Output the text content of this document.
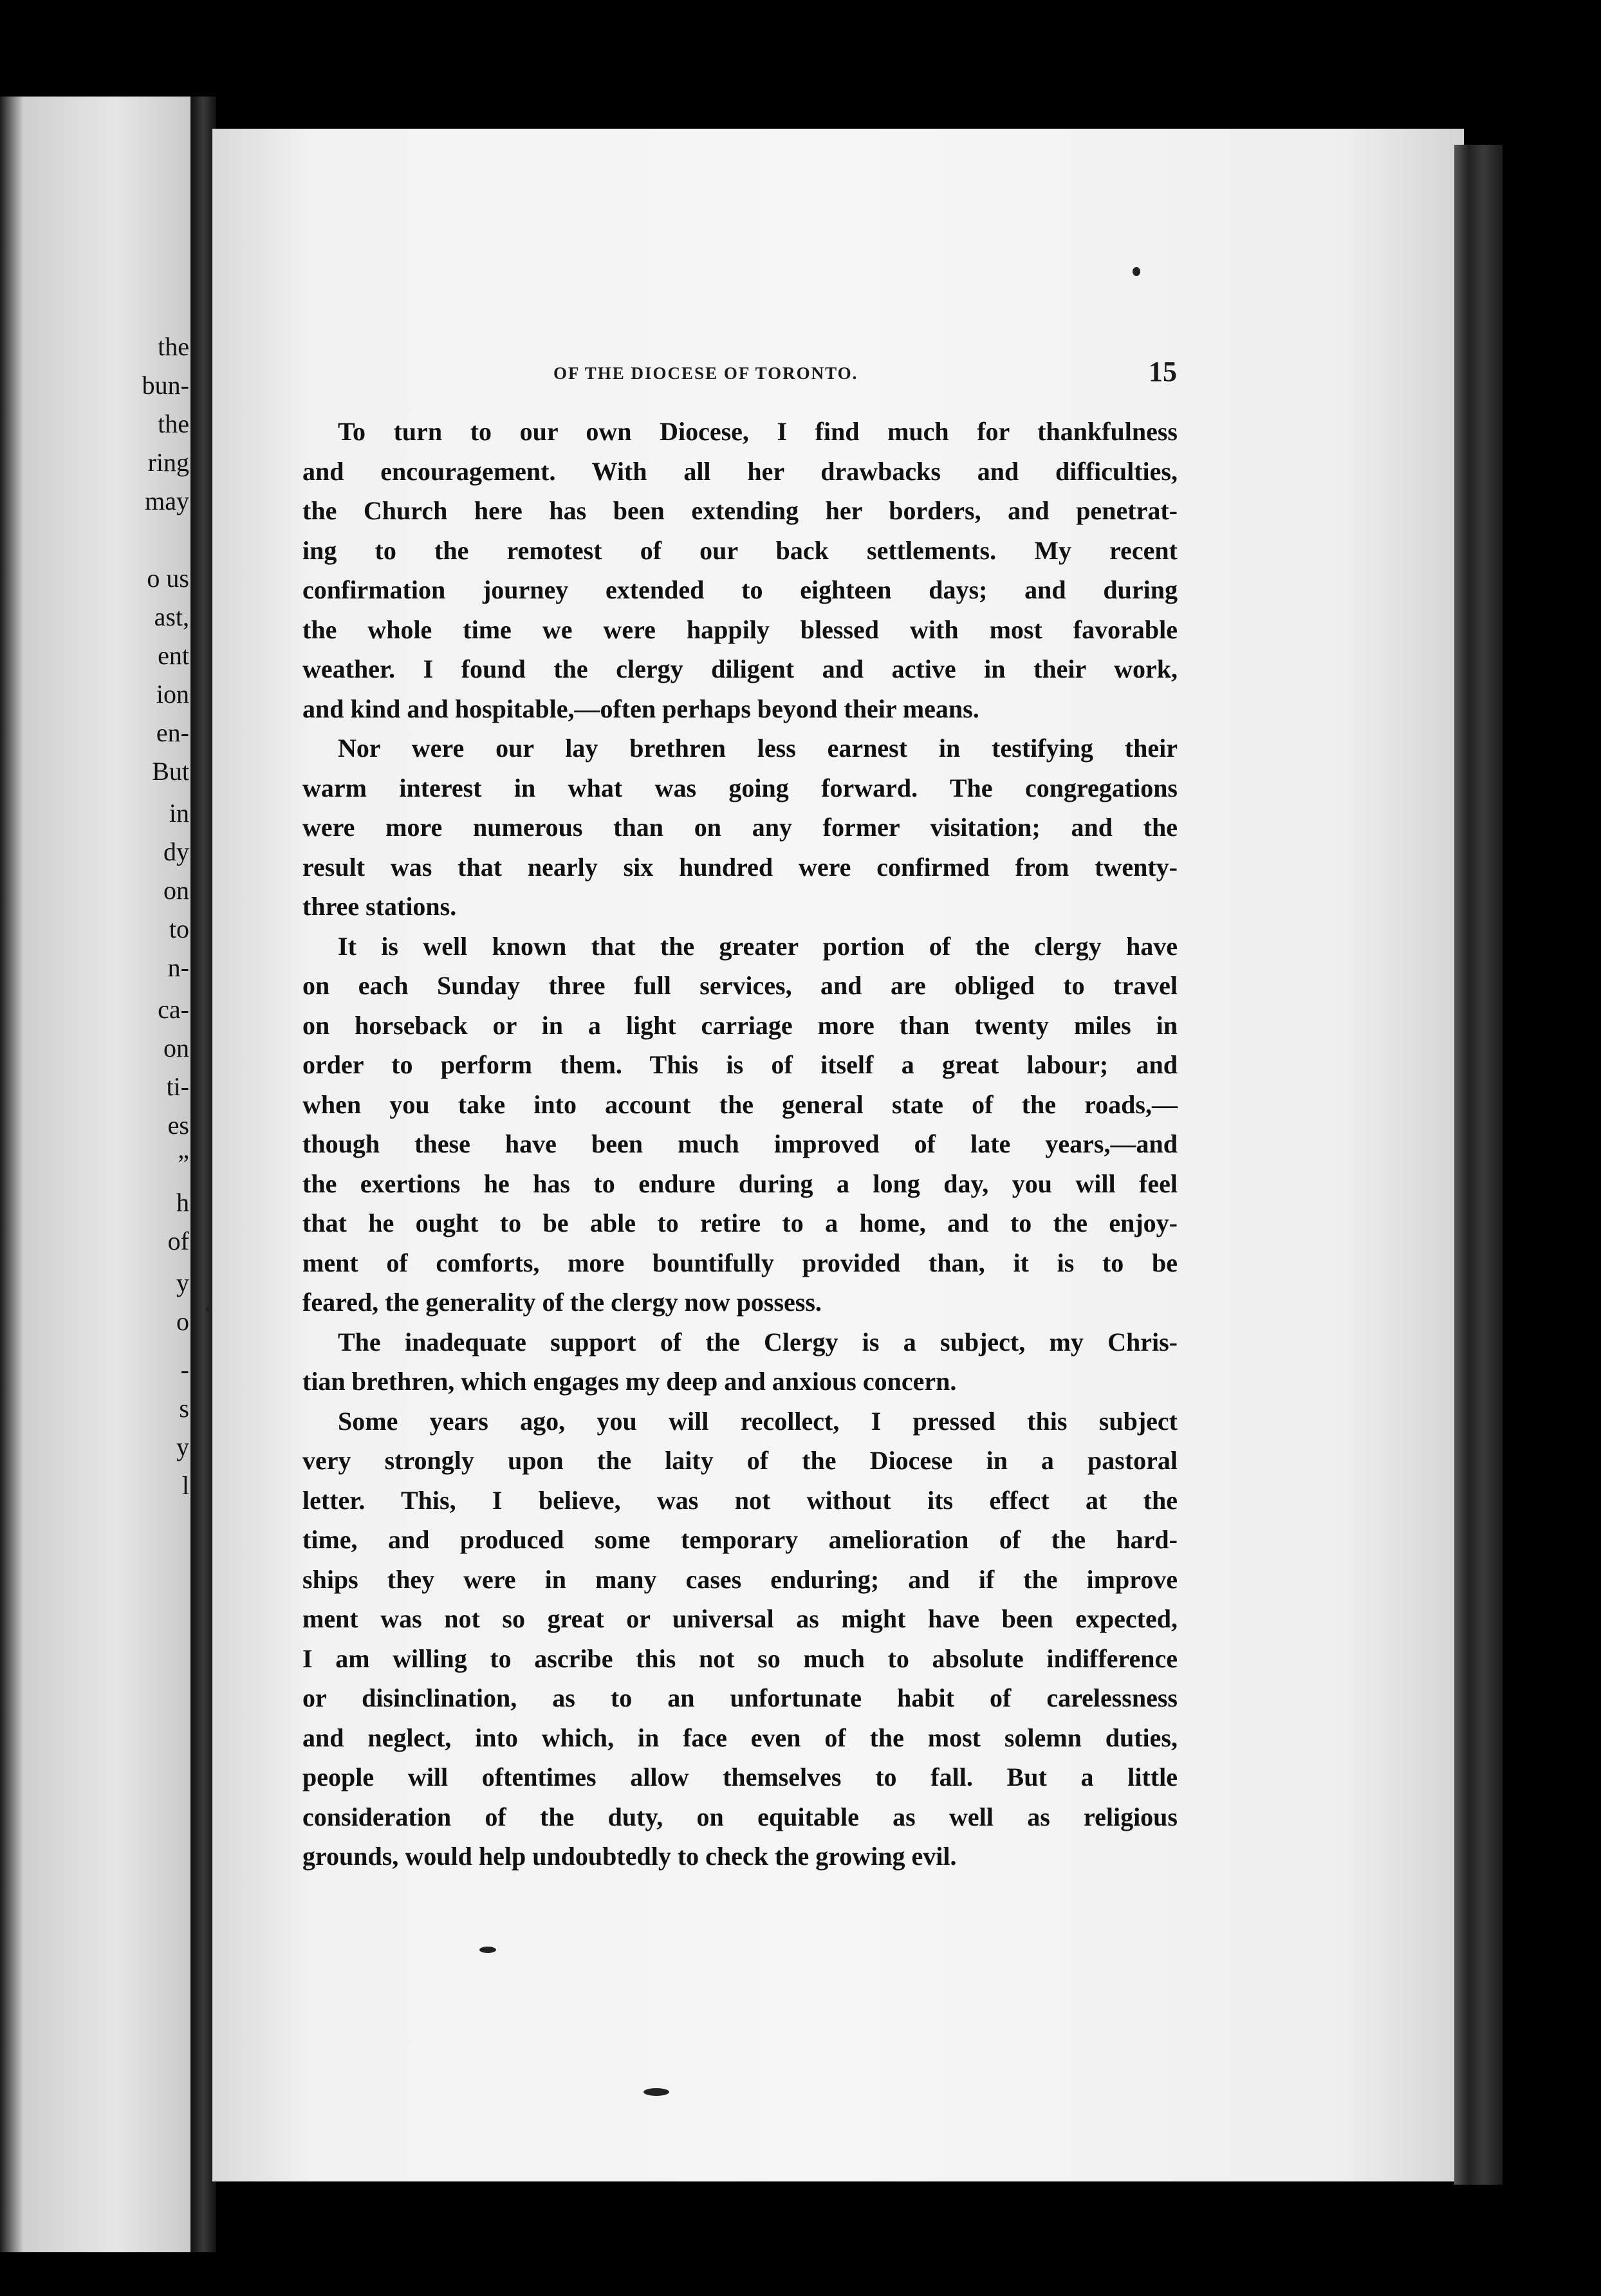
the
bun-
the
ring
may
o us
ast,
ent
ion
en-
But
in
dy
on
to
n-
ca-
on
ti-
es
”
h
of
y
o
-
s
y
l
OF THE DIOCESE OF TORONTO.	15
To turn to our own Diocese, I find much for thankfulness
and encouragement. With all her drawbacks and difficulties,
the Church here has been extending her borders, and penetrat-
ing to the remotest of our back settlements. My recent
confirmation journey extended to eighteen days; and during
the whole time we were happily blessed with most favorable
weather. I found the clergy diligent and active in their work,
and kind and hospitable,—often perhaps beyond their means.
Nor were our lay brethren less earnest in testifying their
warm interest in what was going forward. The congregations
were more numerous than on any former visitation; and the
result was that nearly six hundred were confirmed from twenty-
three stations.
It is well known that the greater portion of the clergy have
on each Sunday three full services, and are obliged to travel
on horseback or in a light carriage more than twenty miles in
order to perform them. This is of itself a great labour; and
when you take into account the general state of the roads,—
though these have been much improved of late years,—and
the exertions he has to endure during a long day, you will feel
that he ought to be able to retire to a home, and to the enjoy-
ment of comforts, more bountifully provided than, it is to be
feared, the generality of the clergy now possess.
The inadequate support of the Clergy is a subject, my Chris-
tian brethren, which engages my deep and anxious concern.
Some years ago, you will recollect, I pressed this subject
very strongly upon the laity of the Diocese in a pastoral
letter. This, I believe, was not without its effect at the
time, and produced some temporary amelioration of the hard-
ships they were in many cases enduring; and if the improve
ment was not so great or universal as might have been expected,
I am willing to ascribe this not so much to absolute indifference
or disinclination, as to an unfortunate habit of carelessness
and neglect, into which, in face even of the most solemn duties,
people will oftentimes allow themselves to fall. But a little
consideration of the duty, on equitable as well as religious
grounds, would help undoubtedly to check the growing evil.
